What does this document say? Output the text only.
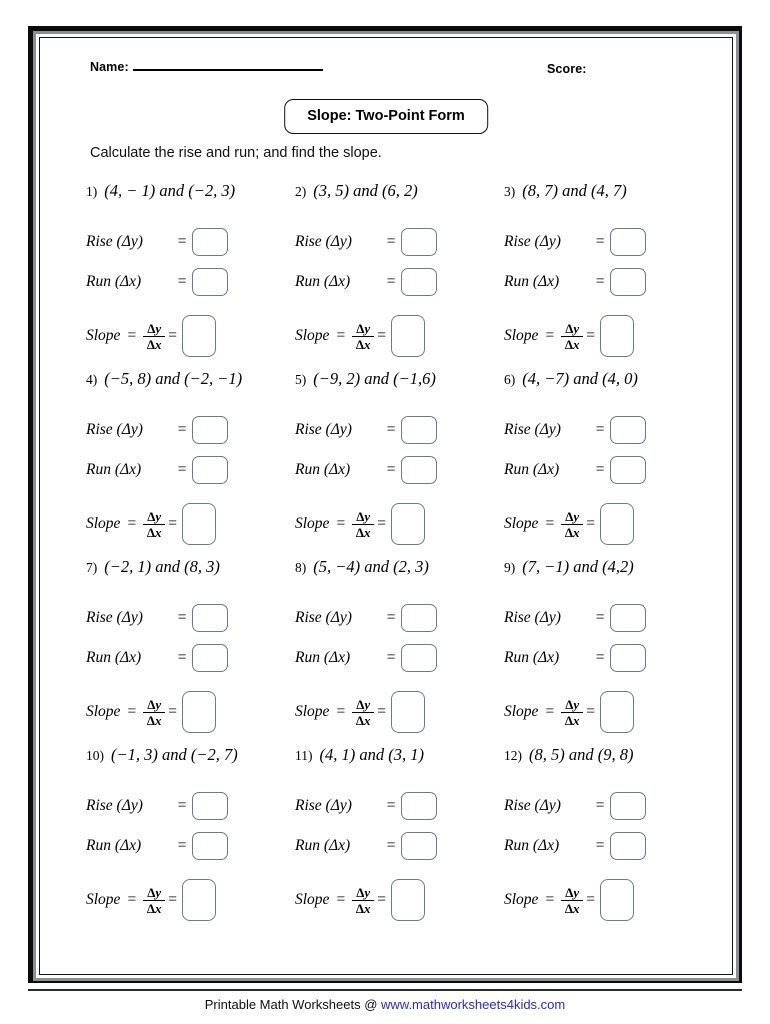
Name:	Score:
Slope: Two-Point Form
Calculate the rise and run; and find the slope.
1) (4, − 1) and (−2, 3)
Rise (Δy)	=
Run (Δx)	=
Slope = $\frac{\Delta y}{\Delta x}$ =
2) (3, 5) and (6, 2)
Rise (Δy)	=
Run (Δx)	=
Slope = $\frac{\Delta y}{\Delta x}$ =
3) (8, 7) and (4, 7)
Rise (Δy)	=
Run (Δx)	=
Slope = $\frac{\Delta y}{\Delta x}$ =
4) (−5, 8) and (−2, −1)
Rise (Δy)	=
Run (Δx)	=
Slope = $\frac{\Delta y}{\Delta x}$ =
5) (−9, 2) and (−1,6)
Rise (Δy)	=
Run (Δx)	=
Slope = $\frac{\Delta y}{\Delta x}$ =
6) (4, −7) and (4, 0)
Rise (Δy)	=
Run (Δx)	=
Slope = $\frac{\Delta y}{\Delta x}$ =
7) (−2, 1) and (8, 3)
Rise (Δy)	=
Run (Δx)	=
Slope = $\frac{\Delta y}{\Delta x}$ =
8) (5, −4) and (2, 3)
Rise (Δy)	=
Run (Δx)	=
Slope = $\frac{\Delta y}{\Delta x}$ =
9) (7, −1) and (4,2)
Rise (Δy)	=
Run (Δx)	=
Slope = $\frac{\Delta y}{\Delta x}$ =
10) (−1, 3) and (−2, 7)
Rise (Δy)	=
Run (Δx)	=
Slope = $\frac{\Delta y}{\Delta x}$ =
11) (4, 1) and (3, 1)
Rise (Δy)	=
Run (Δx)	=
Slope = $\frac{\Delta y}{\Delta x}$ =
12) (8, 5) and (9, 8)
Rise (Δy)	=
Run (Δx)	=
Slope = $\frac{\Delta y}{\Delta x}$ =
Printable Math Worksheets @ www.mathworksheets4kids.com
